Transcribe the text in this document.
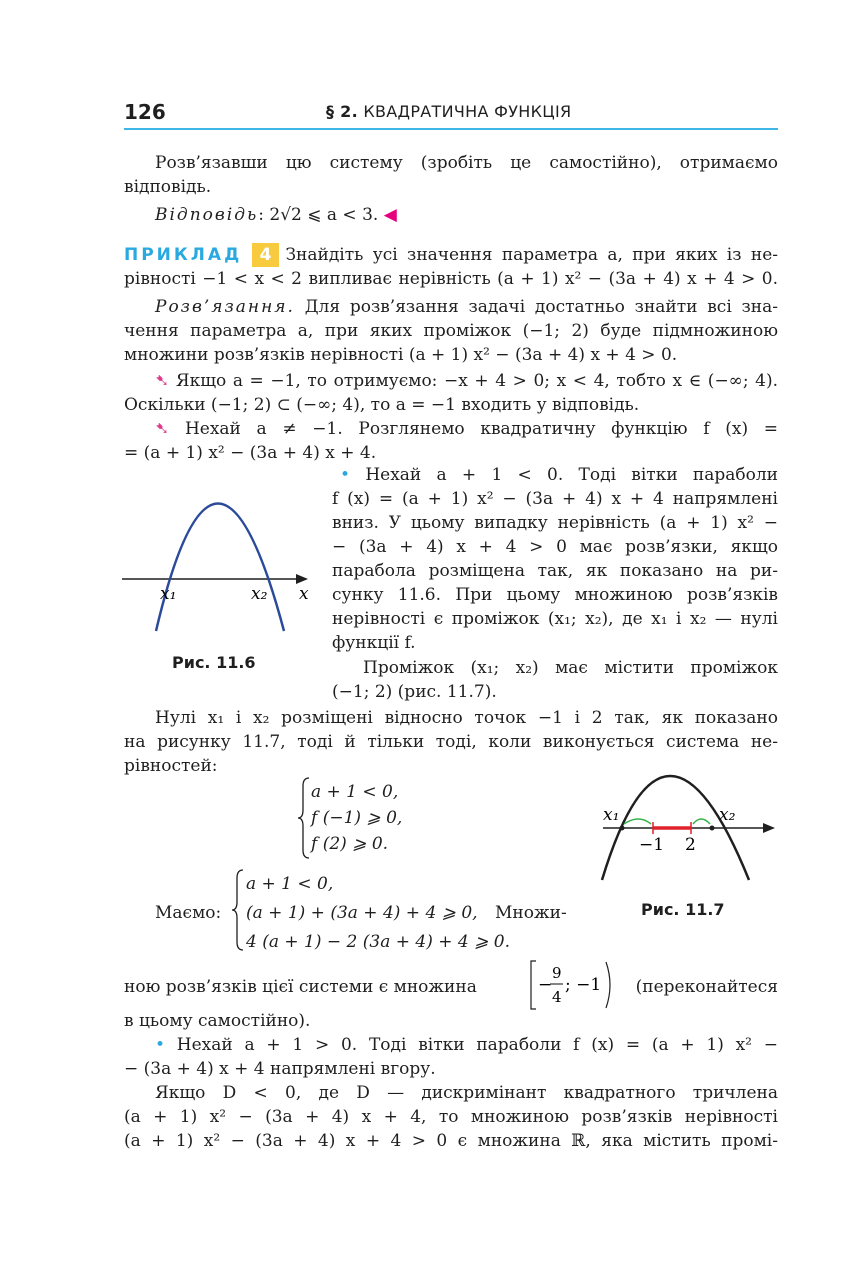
126	§ 2. КВАДРАТИЧНА ФУНКЦІЯ
Розв’язавши цю систему (зробіть це самостійно), отримаємо
відповідь.
Відповідь: 2√2 ⩽ a < 3. ◀
ПРИКЛАД 4 Знайдіть усі значення параметра a, при яких із не-
рівності −1 < x < 2 випливає нерівність (a + 1) x² − (3a + 4) x + 4 > 0.
Розв’язання. Для розв’язання задачі достатньо знайти всі зна-
чення параметра a, при яких проміжок (−1; 2) буде підмножиною
множини розв’язків нерівності (a + 1) x² − (3a + 4) x + 4 > 0.
➷ Якщо a = −1, то отримуємо: −x + 4 > 0; x < 4, тобто x ∈ (−∞; 4).
Оскільки (−1; 2) ⊂ (−∞; 4), то a = −1 входить у відповідь.
➷ Нехай a ≠ −1. Розглянемо квадратичну функцію f (x) =
= (a + 1) x² − (3a + 4) x + 4.
x₁	x₂ x
Рис. 11.6
• Нехай a + 1 < 0. Тоді вітки параболи
f (x) = (a + 1) x² − (3a + 4) x + 4 напрямлені
вниз. У цьому випадку нерівність (a + 1) x² −
− (3a + 4) x + 4 > 0 має розв’язки, якщо
парабола розміщена так, як показано на ри-
сунку 11.6. При цьому множиною розв’язків
нерівності є проміжок (x₁; x₂), де x₁ і x₂ — нулі
функції f.
Проміжок (x₁; x₂) має містити проміжок
(−1; 2) (рис. 11.7).
Нулі x₁ і x₂ розміщені відносно точок −1 і 2 так, як показано
на рисунку 11.7, тоді й тільки тоді, коли виконується система не-
рівностей:
a + 1 < 0,
f (−1) ⩾ 0,
f (2) ⩾ 0.
x₁	x₂
−1 2
Рис. 11.7
Маємо:
a + 1 < 0,
(a + 1) + (3a + 4) + 4 ⩾ 0,
4 (a + 1) − 2 (3a + 4) + 4 ⩾ 0.
Множи-
ною розв’язків цієї системи є множина	−
9
4
; −1	(переконайтеся
в цьому самостійно).
• Нехай a + 1 > 0. Тоді вітки параболи f (x) = (a + 1) x² −
− (3a + 4) x + 4 напрямлені вгору.
Якщо D < 0, де D — дискримінант квадратного тричлена
(a + 1) x² − (3a + 4) x + 4, то множиною розв’язків нерівності
(a + 1) x² − (3a + 4) x + 4 > 0 є множина ℝ, яка містить промі-
